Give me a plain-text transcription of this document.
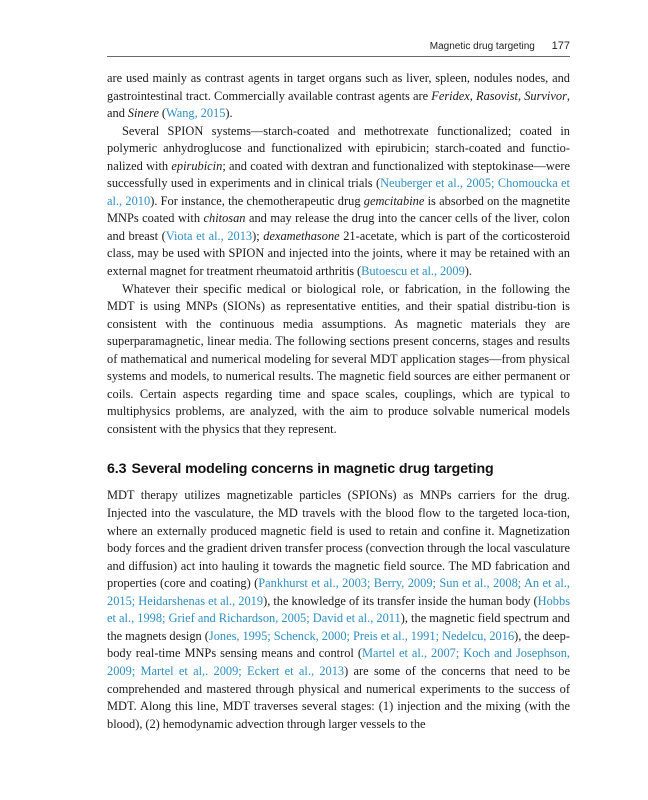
Magnetic drug targeting 177

are used mainly as contrast agents in target organs such as liver, spleen, nodules nodes, and gastrointestinal tract. Commercially available contrast agents are Feridex, Rasovist, Survivor, and Sinere (Wang, 2015).

Several SPION systems—starch-coated and methotrexate functionalized; coated in polymeric anhydroglucose and functionalized with epirubicin; starch-coated and functio-nalized with epirubicin; and coated with dextran and functionalized with steptokinase—were successfully used in experiments and in clinical trials (Neuberger et al., 2005; Chomoucka et al., 2010). For instance, the chemotherapeutic drug gemcitabine is absorbed on the magnetite MNPs coated with chitosan and may release the drug into the cancer cells of the liver, colon and breast (Viota et al., 2013); dexamethasone 21-acetate, which is part of the corticosteroid class, may be used with SPION and injected into the joints, where it may be retained with an external magnet for treatment rheumatoid arthritis (Butoescu et al., 2009).

Whatever their specific medical or biological role, or fabrication, in the following the MDT is using MNPs (SIONs) as representative entities, and their spatial distribu-tion is consistent with the continuous media assumptions. As magnetic materials they are superparamagnetic, linear media. The following sections present concerns, stages and results of mathematical and numerical modeling for several MDT application stages—from physical systems and models, to numerical results. The magnetic field sources are either permanent or coils. Certain aspects regarding time and space scales, couplings, which are typical to multiphysics problems, are analyzed, with the aim to produce solvable numerical models consistent with the physics that they represent.

6.3 Several modeling concerns in magnetic drug targeting

MDT therapy utilizes magnetizable particles (SPIONs) as MNPs carriers for the drug. Injected into the vasculature, the MD travels with the blood flow to the targeted loca-tion, where an externally produced magnetic field is used to retain and confine it. Magnetization body forces and the gradient driven transfer process (convection through the local vasculature and diffusion) act into hauling it towards the magnetic field source. The MD fabrication and properties (core and coating) (Pankhurst et al., 2003; Berry, 2009; Sun et al., 2008; An et al., 2015; Heidarshenas et al., 2019), the knowledge of its transfer inside the human body (Hobbs et al., 1998; Grief and Richardson, 2005; David et al., 2011), the magnetic field spectrum and the magnets design (Jones, 1995; Schenck, 2000; Preis et al., 1991; Nedelcu, 2016), the deep-body real-time MNPs sensing means and control (Martel et al., 2007; Koch and Josephson, 2009; Martel et al,. 2009; Eckert et al., 2013) are some of the concerns that need to be comprehended and mastered through physical and numerical experiments to the success of MDT. Along this line, MDT traverses several stages: (1) injection and the mixing (with the blood), (2) hemodynamic advection through larger vessels to the
